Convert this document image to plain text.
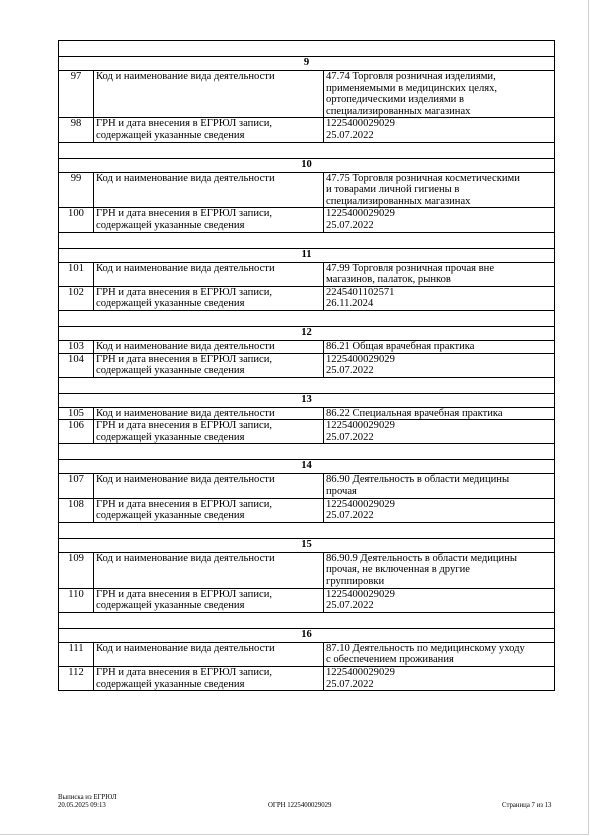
9		
97	Код и наименование вида деятельности	47.74 Торговля розничная изделиями,
применяемыми в медицинских целях,
ортопедическими изделиями в
специализированных магазинах

98	ГРН и дата внесения в ЕГРЮЛ записи,
содержащей указанные сведения	1225400029029
25.07.2022

10		
99	Код и наименование вида деятельности	47.75 Торговля розничная косметическими
и товарами личной гигиены в
специализированных магазинах

100	ГРН и дата внесения в ЕГРЮЛ записи,
содержащей указанные сведения	1225400029029
25.07.2022

11		
101	Код и наименование вида деятельности	47.99 Торговля розничная прочая вне
магазинов, палаток, рынков

102	ГРН и дата внесения в ЕГРЮЛ записи,
содержащей указанные сведения	2245401102571
26.11.2024

12		
103	Код и наименование вида деятельности	86.21 Общая врачебная практика

104	ГРН и дата внесения в ЕГРЮЛ записи,
содержащей указанные сведения	1225400029029
25.07.2022

13		
105	Код и наименование вида деятельности	86.22 Специальная врачебная практика

106	ГРН и дата внесения в ЕГРЮЛ записи,
содержащей указанные сведения	1225400029029
25.07.2022

14		
107	Код и наименование вида деятельности	86.90 Деятельность в области медицины
прочая

108	ГРН и дата внесения в ЕГРЮЛ записи,
содержащей указанные сведения	1225400029029
25.07.2022

15		
109	Код и наименование вида деятельности	86.90.9 Деятельность в области медицины
прочая, не включенная в другие
группировки

110	ГРН и дата внесения в ЕГРЮЛ записи,
содержащей указанные сведения	1225400029029
25.07.2022

16		
111	Код и наименование вида деятельности	87.10 Деятельность по медицинскому уходу
с обеспечением проживания

112	ГРН и дата внесения в ЕГРЮЛ записи,
содержащей указанные сведения	1225400029029
25.07.2022
Выписка из ЕГРЮЛ
20.05.2025 09:13	ОГРН 1225400029029	Страница 7 из 13
